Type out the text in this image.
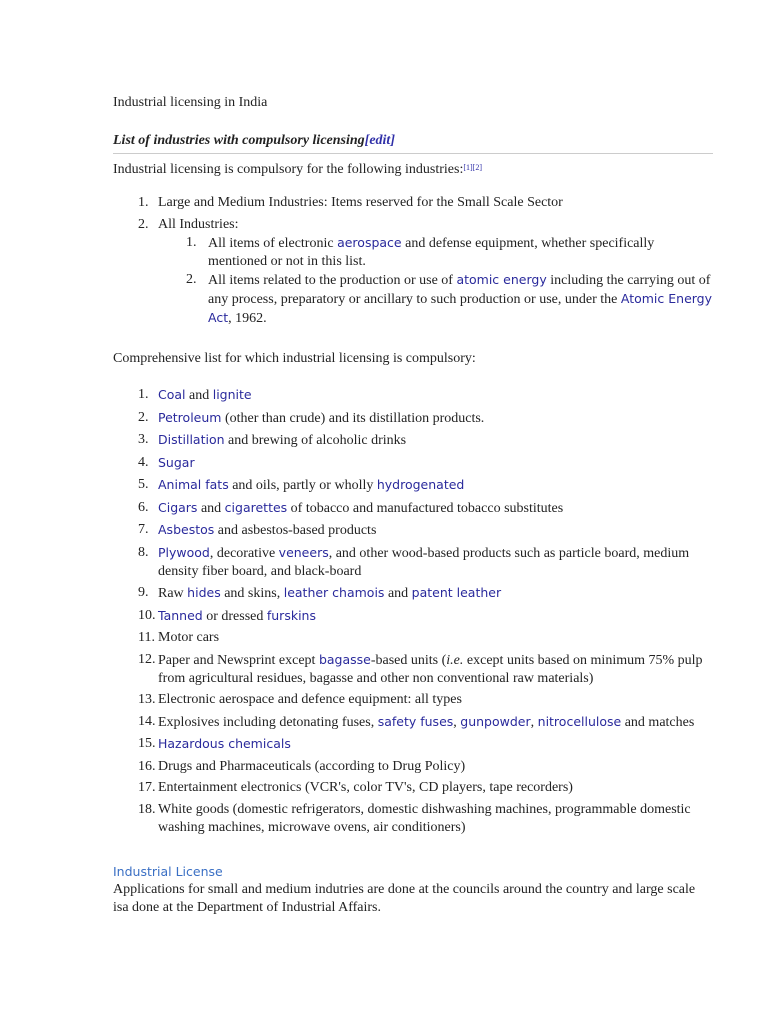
Industrial licensing in India

List of industries with compulsory licensing[edit]
Industrial licensing is compulsory for the following industries:[1][2]
1. Large and Medium Industries: Items reserved for the Small Scale Sector
2. All Industries:
1. All items of electronic aerospace and defense equipment, whether specifically mentioned or not in this list.
2. All items related to the production or use of atomic energy including the carrying out of any process, preparatory or ancillary to such production or use, under the Atomic Energy Act, 1962.

Comprehensive list for which industrial licensing is compulsory:

1. Coal and lignite
2. Petroleum (other than crude) and its distillation products.
3. Distillation and brewing of alcoholic drinks
4. Sugar
5. Animal fats and oils, partly or wholly hydrogenated
6. Cigars and cigarettes of tobacco and manufactured tobacco substitutes
7. Asbestos and asbestos-based products
8. Plywood, decorative veneers, and other wood-based products such as particle board, medium density fiber board, and black-board
9. Raw hides and skins, leather chamois and patent leather
10. Tanned or dressed furskins
11. Motor cars
12. Paper and Newsprint except bagasse-based units (i.e. except units based on minimum 75% pulp from agricultural residues, bagasse and other non conventional raw materials)
13. Electronic aerospace and defence equipment: all types
14. Explosives including detonating fuses, safety fuses, gunpowder, nitrocellulose and matches
15. Hazardous chemicals
16. Drugs and Pharmaceuticals (according to Drug Policy)
17. Entertainment electronics (VCR's, color TV's, CD players, tape recorders)
18. White goods (domestic refrigerators, domestic dishwashing machines, programmable domestic washing machines, microwave ovens, air conditioners)
Industrial License
Applications for small and medium indutries are done at the councils around the country and large scale isa done at the Department of Industrial Affairs.
